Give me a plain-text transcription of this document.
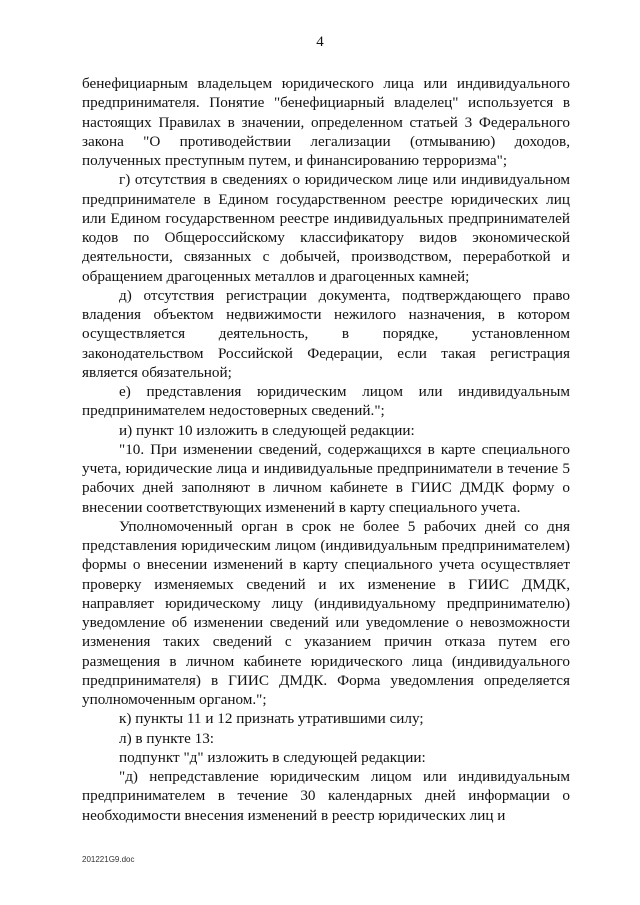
4

бенефициарным владельцем юридического лица или индивидуального предпринимателя. Понятие "бенефициарный владелец" используется в настоящих Правилах в значении, определенном статьей 3 Федерального закона "О противодействии легализации (отмыванию) доходов, полученных преступным путем, и финансированию терроризма";

г) отсутствия в сведениях о юридическом лице или индивидуальном предпринимателе в Едином государственном реестре юридических лиц или Едином государственном реестре индивидуальных предпринимателей кодов по Общероссийскому классификатору видов экономической деятельности, связанных с добычей, производством, переработкой и обращением драгоценных металлов и драгоценных камней;

д) отсутствия регистрации документа, подтверждающего право владения объектом недвижимости нежилого назначения, в котором осуществляется деятельность, в порядке, установленном законодательством Российской Федерации, если такая регистрация является обязательной;

е) представления юридическим лицом или индивидуальным предпринимателем недостоверных сведений.";

и) пункт 10 изложить в следующей редакции:

"10. При изменении сведений, содержащихся в карте специального учета, юридические лица и индивидуальные предприниматели в течение 5 рабочих дней заполняют в личном кабинете в ГИИС ДМДК форму о внесении соответствующих изменений в карту специального учета.

Уполномоченный орган в срок не более 5 рабочих дней со дня представления юридическим лицом (индивидуальным предпринимателем) формы о внесении изменений в карту специального учета осуществляет проверку изменяемых сведений и их изменение в ГИИС ДМДК, направляет юридическому лицу (индивидуальному предпринимателю) уведомление об изменении сведений или уведомление о невозможности изменения таких сведений с указанием причин отказа путем его размещения в личном кабинете юридического лица (индивидуального предпринимателя) в ГИИС ДМДК. Форма уведомления определяется уполномоченным органом.";

к) пункты 11 и 12 признать утратившими силу;

л) в пункте 13:

подпункт "д" изложить в следующей редакции:

"д) непредставление юридическим лицом или индивидуальным предпринимателем в течение 30 календарных дней информации о необходимости внесения изменений в реестр юридических лиц и

201221G9.doc
